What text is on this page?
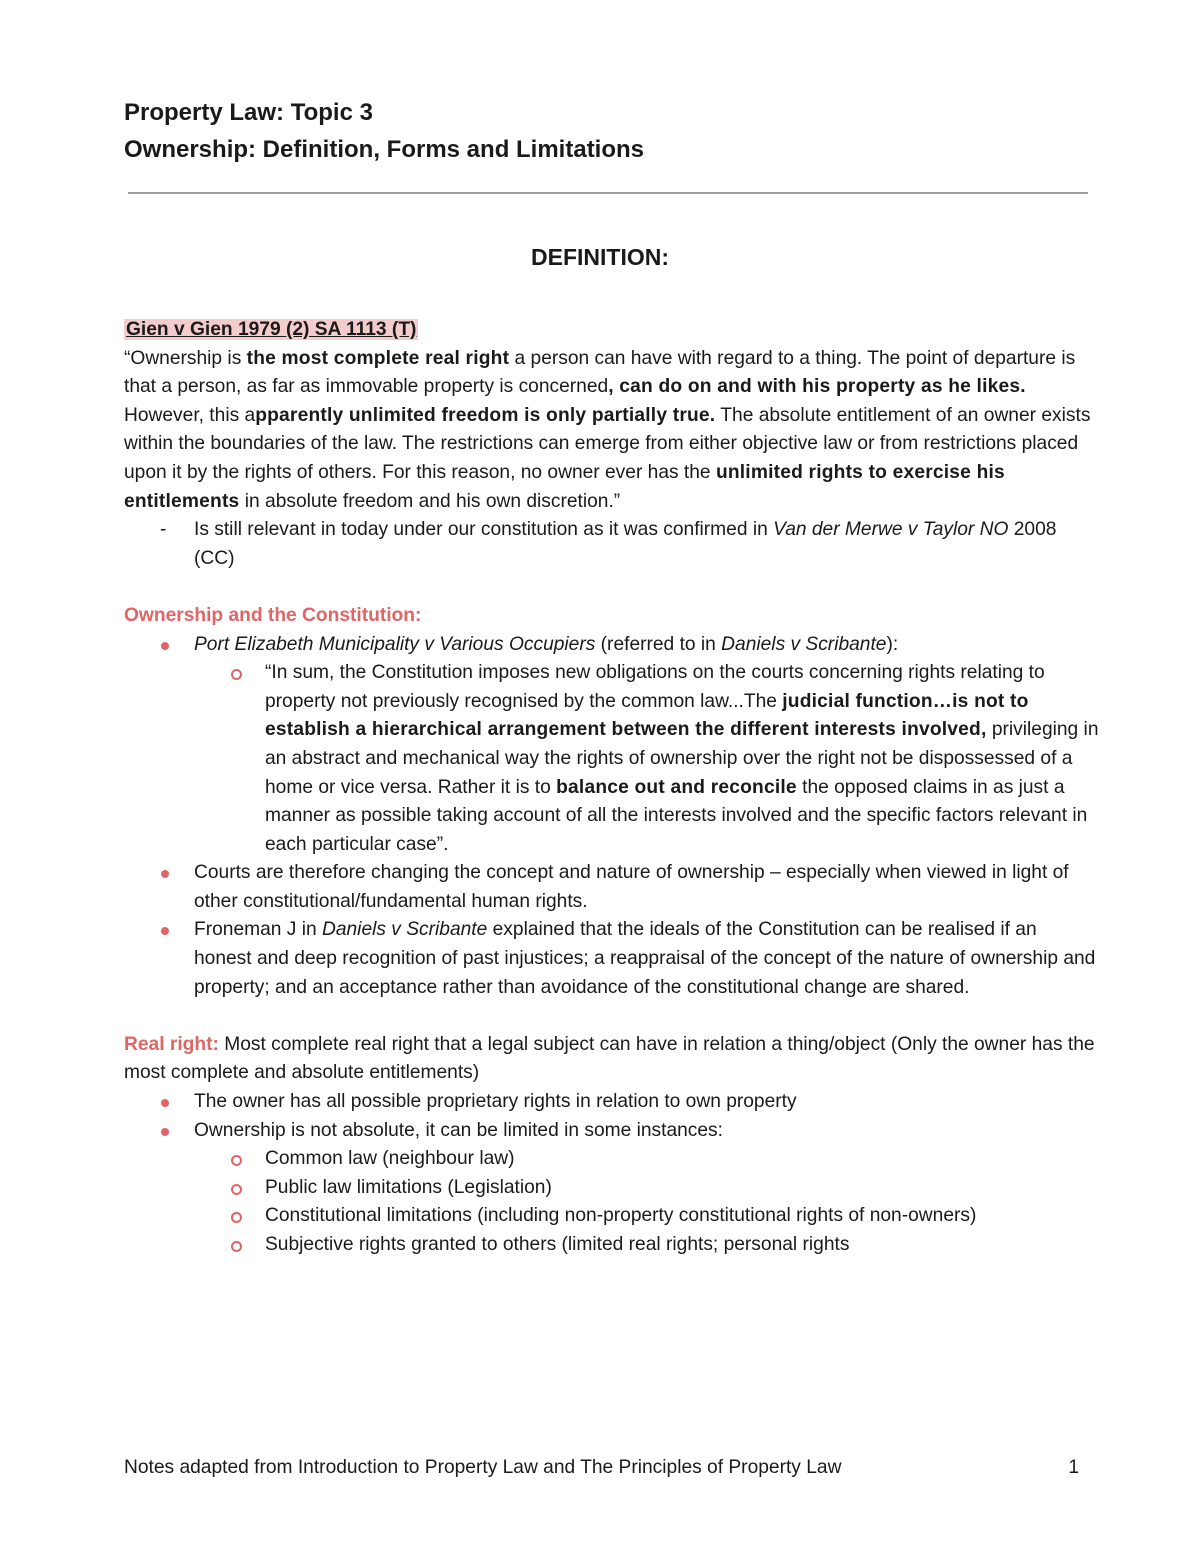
Property Law: Topic 3
Ownership: Definition, Forms and Limitations
DEFINITION:

Gien v Gien 1979 (2) SA 1113 (T)

“Ownership is the most complete real right a person can have with regard to a thing. The point of departure is that a person, as far as immovable property is concerned, can do on and with his property as he likes. However, this apparently unlimited freedom is only partially true. The absolute entitlement of an owner exists within the boundaries of the law. The restrictions can emerge from either objective law or from restrictions placed upon it by the rights of others. For this reason, no owner ever has the unlimited rights to exercise his entitlements in absolute freedom and his own discretion.”

- Is still relevant in today under our constitution as it was confirmed in Van der Merwe v Taylor NO 2008 (CC)

Ownership and the Constitution:

Port Elizabeth Municipality v Various Occupiers (referred to in Daniels v Scribante):
“In sum, the Constitution imposes new obligations on the courts concerning rights relating to property not previously recognised by the common law...The judicial function…is not to establish a hierarchical arrangement between the different interests involved, privileging in an abstract and mechanical way the rights of ownership over the right not be dispossessed of a home or vice versa. Rather it is to balance out and reconcile the opposed claims in as just a manner as possible taking account of all the interests involved and the specific factors relevant in each particular case”.
Courts are therefore changing the concept and nature of ownership – especially when viewed in light of other constitutional/fundamental human rights.
Froneman J in Daniels v Scribante explained that the ideals of the Constitution can be realised if an honest and deep recognition of past injustices; a reappraisal of the concept of the nature of ownership and property; and an acceptance rather than avoidance of the constitutional change are shared.

Real right: Most complete real right that a legal subject can have in relation a thing/object (Only the owner has the most complete and absolute entitlements)

The owner has all possible proprietary rights in relation to own property
Ownership is not absolute, it can be limited in some instances:
Common law (neighbour law)
Public law limitations (Legislation)
Constitutional limitations (including non-property constitutional rights of non-owners)
Subjective rights granted to others (limited real rights; personal rights
Notes adapted from Introduction to Property Law and The Principles of Property Law	1
